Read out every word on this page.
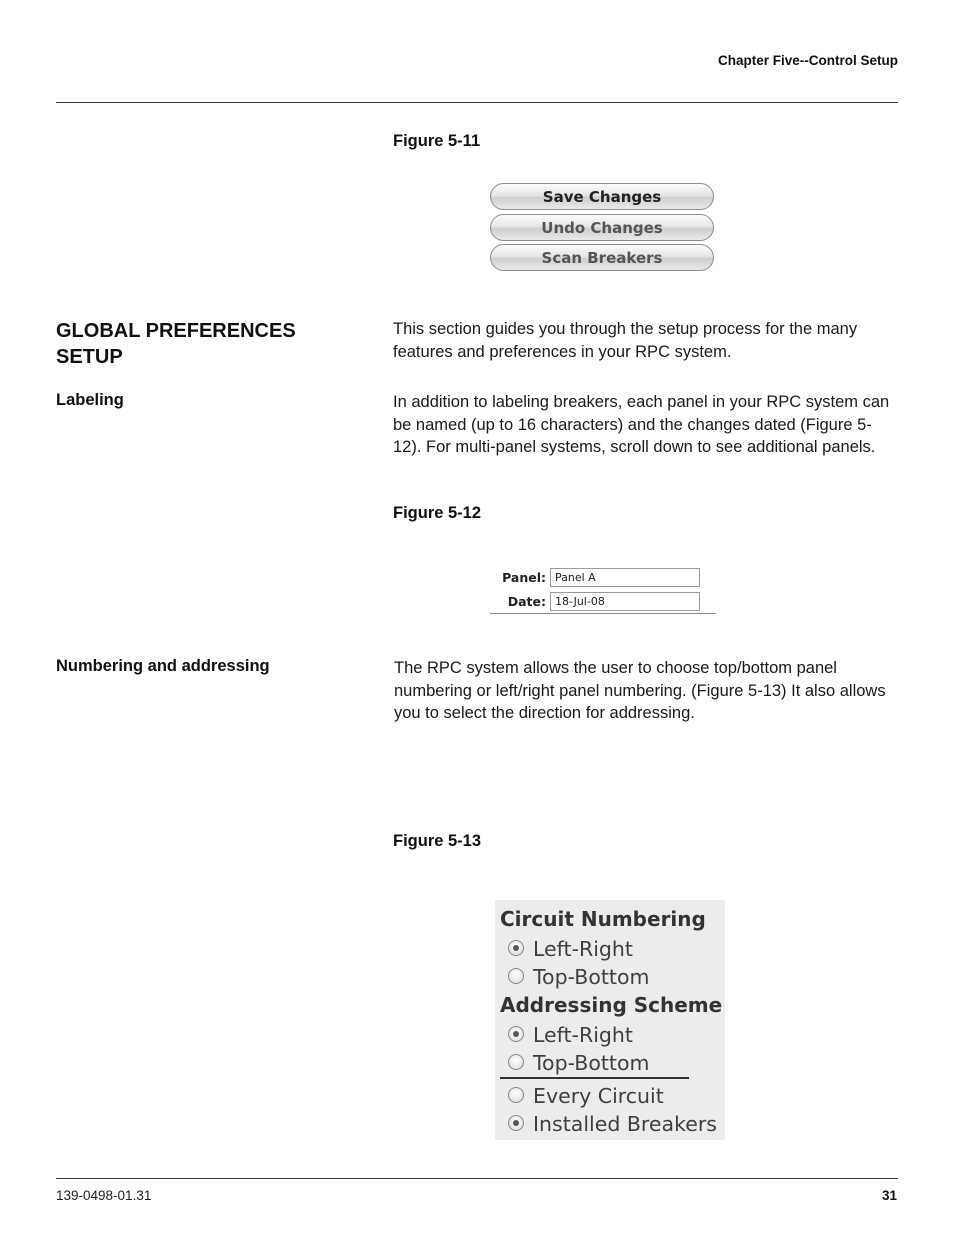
Chapter Five--Control Setup
Figure 5-11
Save Changes
Undo Changes
Scan Breakers
GLOBAL PREFERENCES SETUP
This section guides you through the setup process for the many features and preferences in your RPC system.
Labeling	In addition to labeling breakers, each panel in your RPC system can be named (up to 16 characters) and the changes dated (Figure 5-12). For multi-panel systems, scroll down to see additional panels.
Figure 5-12
Panel: Panel A
Date: 18-Jul-08
Numbering and addressing	The RPC system allows the user to choose top/bottom panel numbering or left/right panel numbering. (Figure 5-13) It also allows you to select the direction for addressing.
Figure 5-13
Circuit Numbering
Left-Right
Top-Bottom
Addressing Scheme
Left-Right
Top-Bottom
Every Circuit
Installed Breakers
139-0498-01.31	31
